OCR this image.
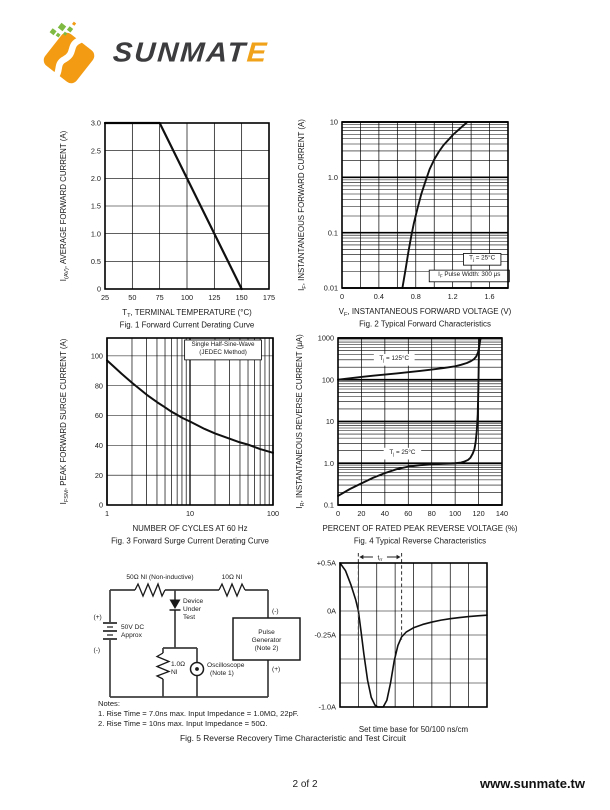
SUNMATE
25	50	75 100 125 150 175
0
0.5
1.0
1.5
2.0
2.5
3.0
$T_T$, TERMINAL TEMPERATURE (°C)
$I_{(AV)}$, AVERAGE FORWARD CURRENT (A)
Fig. 1 Forward Current Derating Curve
$T_j = 25^\circ C$
$I_F$ Pulse Width: 300 μs
0	0.4	0.8	1.2	1.6
0.01
0.1
1.0
10
$V_F$, INSTANTANEOUS FORWARD VOLTAGE (V)
$I_F$, INSTANTANEOUS FORWARD CURRENT (A)
Fig. 2 Typical Forward Characteristics
Single Half-Sine-Wave
(JEDEC Method)
1	10	100
0
20
40
60
80
100
NUMBER OF CYCLES AT 60 Hz
$I_{FSM}$, PEAK FORWARD SURGE CURRENT (A)
Fig. 3 Forward Surge Current Derating Curve
$T_j = 125^\circ C$
$T_j = 25^\circ C$
0 20 40 60 80 100 120 140
0.1
1.0
10
100
1000
PERCENT OF RATED PEAK REVERSE VOLTAGE (%)
$I_R$, INSTANTANEOUS REVERSE CURRENT (μA)
Fig. 4 Typical Reverse Characteristics
50Ω NI (Non-inductive)	10Ω NI
(+)
(-)
50V DC
Approx
Device
Under
Test
1.0Ω
NI
Oscilloscope
(Note 1)
(-)
(+)
Pulse
Generator
(Note 2)
$t_{rr}$
+0.5A
0A
-0.25A
-1.0A
Set time base for 50/100 ns/cm
Notes:
1. Rise Time = 7.0ns max. Input Impedance = 1.0MΩ, 22pF.
2. Rise Time = 10ns max. Input Impedance = 50Ω.
Fig. 5 Reverse Recovery Time Characteristic and Test Circuit
2 of 2	www.sunmate.tw
